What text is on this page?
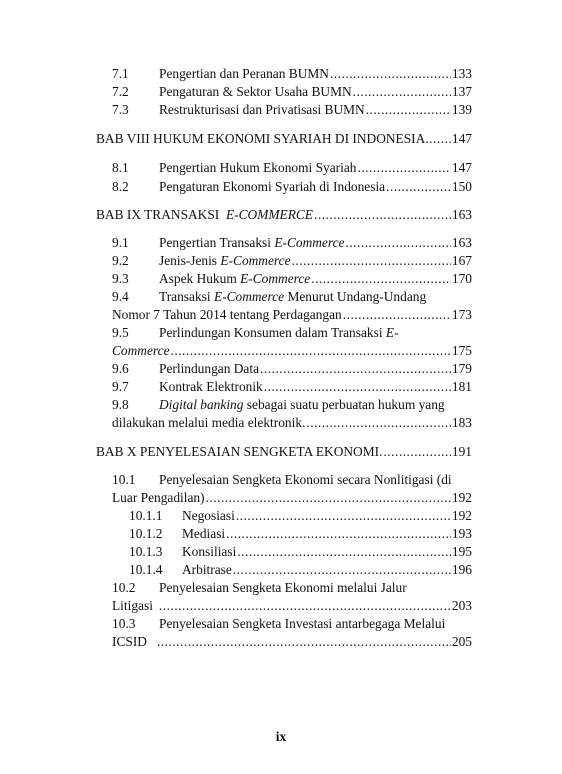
7.1	Pengertian dan Peranan BUMN .....	133
7.2	Pengaturan & Sektor Usaha BUMN .....	137
7.3	Restrukturisasi dan Privatisasi BUMN .....	139
BAB VIII HUKUM EKONOMI SYARIAH DI INDONESIA ..... 147
8.1	Pengertian Hukum Ekonomi Syariah .....	147
8.2	Pengaturan Ekonomi Syariah di Indonesia .....	150
BAB IX TRANSAKSI  E-COMMERCE .....	163
9.1	Pengertian Transaksi E-Commerce .....	163
9.2	Jenis-Jenis E-Commerce .....	167
9.3	Aspek Hukum E-Commerce .....	170
9.4	Transaksi E-Commerce Menurut Undang-Undang
Nomor 7 Tahun 2014 tentang Perdagangan .....	173
9.5	Perlindungan Konsumen dalam Transaksi E-
Commerce .....	175
9.6	Perlindungan Data .....	179
9.7	Kontrak Elektronik .....	181
9.8	Digital banking sebagai suatu perbuatan hukum yang
dilakukan melalui media elektronik. .....	183
BAB X PENYELESAIAN SENGKETA EKONOMI. .....	191
10.1	Penyelesaian Sengketa Ekonomi secara Nonlitigasi (di
Luar Pengadilan) .....	192
10.1.1	Negosiasi .....	192
10.1.2	Mediasi .....	193
10.1.3	Konsiliasi .....	195
10.1.4	Arbitrase .....	196
10.2	Penyelesaian Sengketa Ekonomi melalui Jalur
Litigasi .....	203
10.3	Penyelesaian Sengketa Investasi antarbegaga Melalui
ICSID .....	205
ix
